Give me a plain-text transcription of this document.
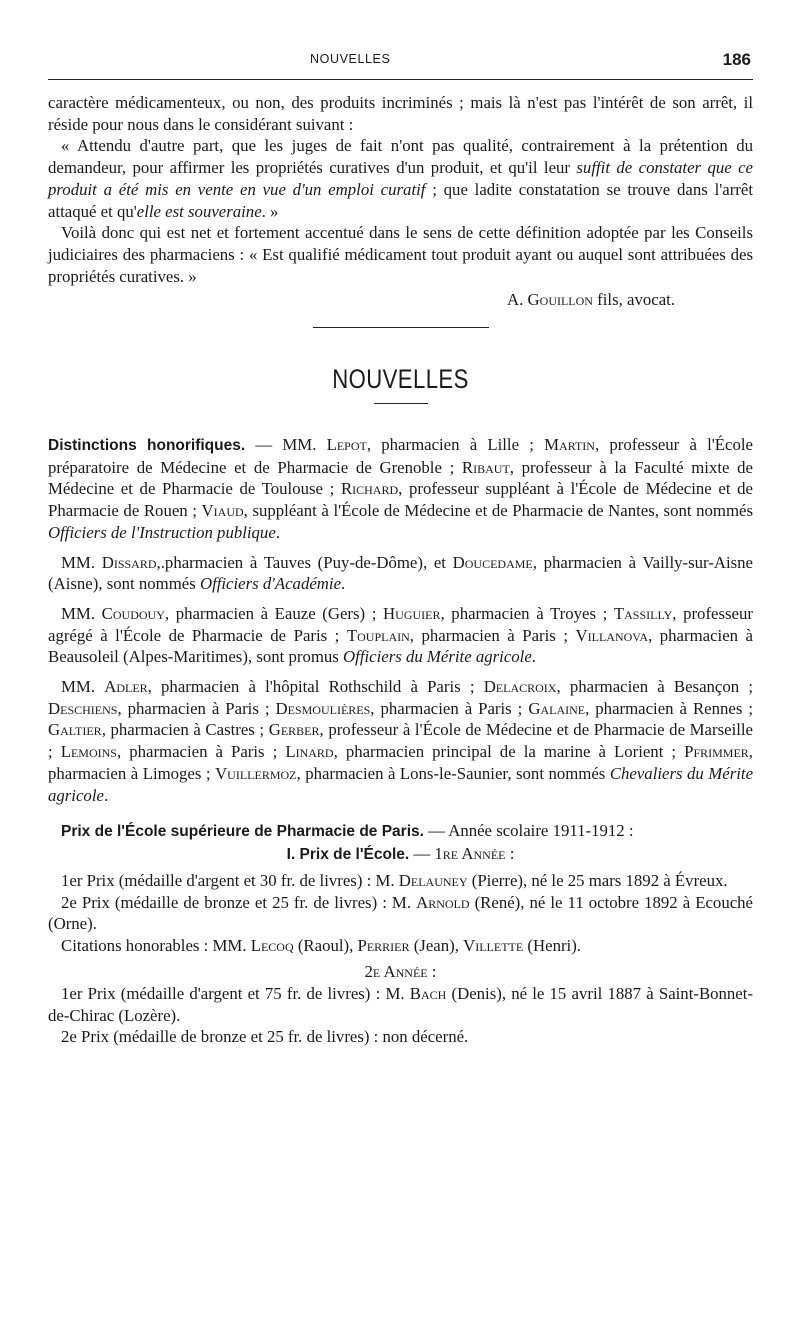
NOUVELLES	186

caractère médicamenteux, ou non, des produits incriminés ; mais là n'est pas l'intérêt de son arrêt, il réside pour nous dans le considérant suivant :

« Attendu d'autre part, que les juges de fait n'ont pas qualité, contrairement à la prétention du demandeur, pour affirmer les propriétés curatives d'un produit, et qu'il leur suffit de constater que ce produit a été mis en vente en vue d'un emploi curatif ; que ladite constatation se trouve dans l'arrêt attaqué et qu'elle est souveraine. »

Voilà donc qui est net et fortement accentué dans le sens de cette définition adoptée par les Conseils judiciaires des pharmaciens : « Est qualifié médicament tout produit ayant ou auquel sont attribuées des propriétés curatives. »

A. Gouillon fils, avocat.

NOUVELLES

Distinctions honorifiques. — MM. Lepot, pharmacien à Lille ; Martin, professeur à l'École préparatoire de Médecine et de Pharmacie de Grenoble ; Ribaut, professeur à la Faculté mixte de Médecine et de Pharmacie de Toulouse ; Richard, professeur suppléant à l'École de Médecine et de Pharmacie de Rouen ; Viaud, suppléant à l'École de Médecine et de Pharmacie de Nantes, sont nommés Officiers de l'Instruction publique.

MM. Dissard,.pharmacien à Tauves (Puy-de-Dôme), et Doucedame, pharmacien à Vailly-sur-Aisne (Aisne), sont nommés Officiers d'Académie.

MM. Coudouy, pharmacien à Eauze (Gers) ; Huguier, pharmacien à Troyes ; Tassilly, professeur agrégé à l'École de Pharmacie de Paris ; Touplain, pharmacien à Paris ; Villanova, pharmacien à Beausoleil (Alpes-Maritimes), sont promus Officiers du Mérite agricole.

MM. Adler, pharmacien à l'hôpital Rothschild à Paris ; Delacroix, pharmacien à Besançon ; Deschiens, pharmacien à Paris ; Desmoulières, pharmacien à Paris ; Galaine, pharmacien à Rennes ; Galtier, pharmacien à Castres ; Gerber, professeur à l'École de Médecine et de Pharmacie de Marseille ; Lemoins, pharmacien à Paris ; Linard, pharmacien principal de la marine à Lorient ; Pfrimmer, pharmacien à Limoges ; Vuillermoz, pharmacien à Lons-le-Saunier, sont nommés Chevaliers du Mérite agricole.

Prix de l'École supérieure de Pharmacie de Paris. — Année scolaire 1911-1912 :

I. Prix de l'École. — 1re Année :

1er Prix (médaille d'argent et 30 fr. de livres) : M. Delauney (Pierre), né le 25 mars 1892 à Évreux.

2e Prix (médaille de bronze et 25 fr. de livres) : M. Arnold (René), né le 11 octobre 1892 à Ecouché (Orne).

Citations honorables : MM. Lecoq (Raoul), Perrier (Jean), Villette (Henri).

2e Année :

1er Prix (médaille d'argent et 75 fr. de livres) : M. Bach (Denis), né le 15 avril 1887 à Saint-Bonnet-de-Chirac (Lozère).

2e Prix (médaille de bronze et 25 fr. de livres) : non décerné.
